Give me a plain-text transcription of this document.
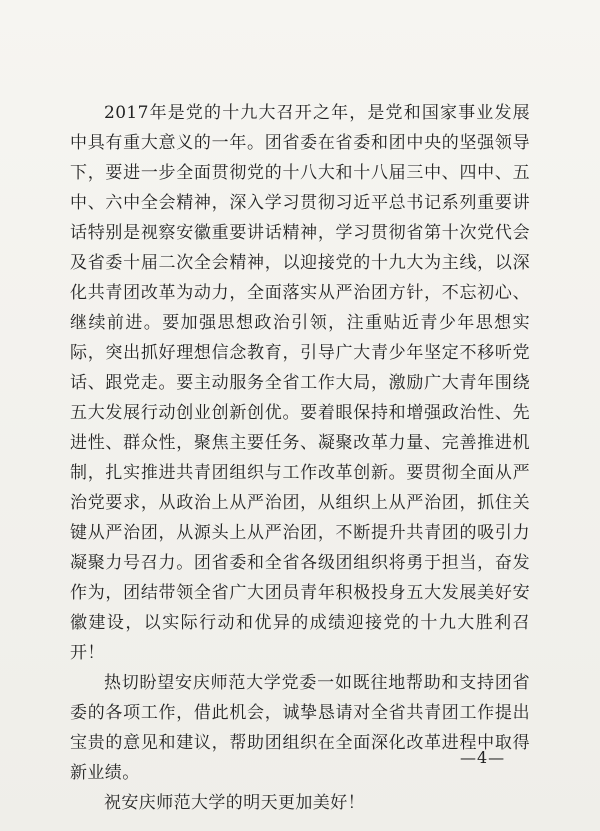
2017年是党的十九大召开之年，是党和国家事业发展中具有重大意义的一年。团省委在省委和团中央的坚强领导下，要进一步全面贯彻党的十八大和十八届三中、四中、五中、六中全会精神，深入学习贯彻习近平总书记系列重要讲话特别是视察安徽重要讲话精神，学习贯彻省第十次党代会及省委十届二次全会精神，以迎接党的十九大为主线，以深化共青团改革为动力，全面落实从严治团方针，不忘初心、继续前进。要加强思想政治引领，注重贴近青少年思想实际，突出抓好理想信念教育，引导广大青少年坚定不移听党话、跟党走。要主动服务全省工作大局，激励广大青年围绕五大发展行动创业创新创优。要着眼保持和增强政治性、先进性、群众性，聚焦主要任务、凝聚改革力量、完善推进机制，扎实推进共青团组织与工作改革创新。要贯彻全面从严治党要求，从政治上从严治团，从组织上从严治团，抓住关键从严治团，从源头上从严治团，不断提升共青团的吸引力凝聚力号召力。团省委和全省各级团组织将勇于担当，奋发作为，团结带领全省广大团员青年积极投身五大发展美好安徽建设，以实际行动和优异的成绩迎接党的十九大胜利召开！

热切盼望安庆师范大学党委一如既往地帮助和支持团省委的各项工作，借此机会，诚挚恳请对全省共青团工作提出宝贵的意见和建议，帮助团组织在全面深化改革进程中取得新业绩。

祝安庆师范大学的明天更加美好！

—4—
